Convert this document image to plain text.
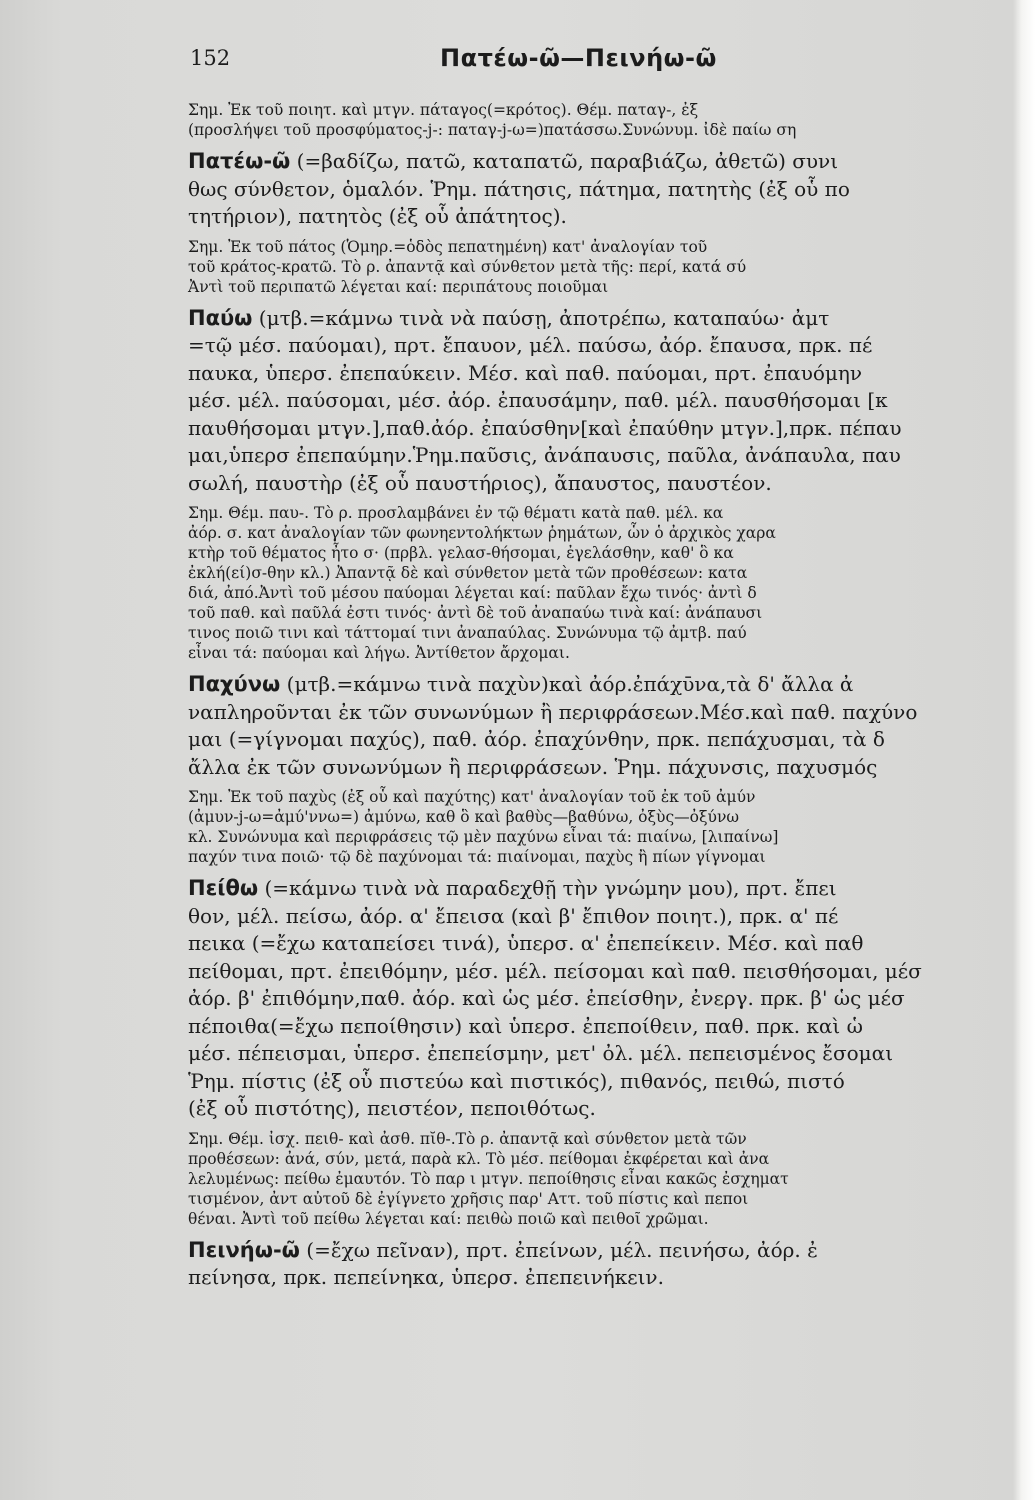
152	Πατέω-ῶ—Πεινήω-ῶ
Σημ. Ἐκ τοῦ ποιητ. καὶ μτγν. πάταγος(=κρότος). Θέμ. παταγ-, ἐξ
(προσλήψει τοῦ προσφύματος-j-: παταγ-j-ω=)πατάσσω.Συνώνυμ. ἰδὲ παίω ση
Πατέω-ῶ (=βαδίζω, πατῶ, καταπατῶ, παραβιάζω, ἀθετῶ) συνι
θως σύνθετον, ὁμαλόν. Ῥημ. πάτησις, πάτημα, πατητὴς (ἐξ οὗ πο
τητήριον), πατητὸς (ἐξ οὗ ἀπάτητος).
Σημ. Ἐκ τοῦ πάτος (Ὁμηρ.=ὁδὸς πεπατημένη) κατ' ἀναλογίαν τοῦ
τοῦ κράτος-κρατῶ. Τὸ ρ. ἀπαντᾷ καὶ σύνθετον μετὰ τῆς: περί, κατά σύ
Ἀντὶ τοῦ περιπατῶ λέγεται καί: περιπάτους ποιοῦμαι
Παύω (μτβ.=κάμνω τινὰ νὰ παύσῃ, ἀποτρέπω, καταπαύω· ἀμτ
=τῷ μέσ. παύομαι), πρτ. ἔπαυον, μέλ. παύσω, ἀόρ. ἔπαυσα, πρκ. πέ
παυκα, ὑπερσ. ἐπεπαύκειν. Μέσ. καὶ παθ. παύομαι, πρτ. ἐπαυόμην
μέσ. μέλ. παύσομαι, μέσ. ἀόρ. ἐπαυσάμην, παθ. μέλ. παυσθήσομαι [κ
παυθήσομαι μτγν.],παθ.ἀόρ. ἐπαύσθην[καὶ ἐπαύθην μτγν.],πρκ. πέπαυ
μαι,ὑπερσ ἐπεπαύμην.Ῥημ.παῦσις, ἀνάπαυσις, παῦλα, ἀνάπαυλα, παυ
σωλή, παυστὴρ (ἐξ οὗ παυστήριος), ἄπαυστος, παυστέον.
Σημ. Θέμ. παυ-. Τὸ ρ. προσλαμβάνει ἐν τῷ θέματι κατὰ παθ. μέλ. κα
ἀόρ. σ. κατ ἀναλογίαν τῶν φωνηεντολήκτων ῥημάτων, ὧν ὁ ἀρχικὸς χαρα
κτὴρ τοῦ θέματος ἦτο σ· (πρβλ. γελασ-θήσομαι, ἐγελάσθην, καθ' ὃ κα
ἐκλή(εί)σ-θην κλ.) Ἀπαντᾷ δὲ καὶ σύνθετον μετὰ τῶν προθέσεων: κατα
διά, ἀπό.Ἀντὶ τοῦ μέσου παύομαι λέγεται καί: παῦλαν ἔχω τινός· ἀντὶ δ
τοῦ παθ. καὶ παῦλά ἐστι τινός· ἀντὶ δὲ τοῦ ἀναπαύω τινὰ καί: ἀνάπαυσι
τινος ποιῶ τινι καὶ τάττομαί τινι ἀναπαύλας. Συνώνυμα τῷ ἀμτβ. παύ
εἶναι τά: παύομαι καὶ λήγω. Ἀντίθετον ἄρχομαι.
Παχύνω (μτβ.=κάμνω τινὰ παχὺν)καὶ ἀόρ.ἐπάχῡνα,τὰ δ' ἄλλα ἀ
ναπληροῦνται ἐκ τῶν συνωνύμων ἢ περιφράσεων.Μέσ.καὶ παθ. παχύνο
μαι (=γίγνομαι παχύς), παθ. ἀόρ. ἐπαχύνθην, πρκ. πεπάχυσμαι, τὰ δ
ἄλλα ἐκ τῶν συνωνύμων ἢ περιφράσεων. Ῥημ. πάχυνσις, παχυσμός
Σημ. Ἐκ τοῦ παχὺς (ἐξ οὗ καὶ παχύτης) κατ' ἀναλογίαν τοῦ ἐκ τοῦ ἀμύν
(ἀμυν-j-ω=ἀμύ'ννω=) ἀμύνω, καθ ὃ καὶ βαθὺς—βαθύνω, ὀξὺς—ὀξύνω
κλ. Συνώνυμα καὶ περιφράσεις τῷ μὲν παχύνω εἶναι τά: πιαίνω, [λιπαίνω]
παχύν τινα ποιῶ· τῷ δὲ παχύνομαι τά: πιαίνομαι, παχὺς ἢ πίων γίγνομαι
Πείθω (=κάμνω τινὰ νὰ παραδεχθῇ τὴν γνώμην μου), πρτ. ἔπει
θον, μέλ. πείσω, ἀόρ. α' ἔπεισα (καὶ β' ἔπιθον ποιητ.), πρκ. α' πέ
πεικα (=ἔχω καταπείσει τινά), ὑπερσ. α' ἐπεπείκειν. Μέσ. καὶ παθ
πείθομαι, πρτ. ἐπειθόμην, μέσ. μέλ. πείσομαι καὶ παθ. πεισθήσομαι, μέσ
ἀόρ. β' ἐπιθόμην,παθ. ἀόρ. καὶ ὡς μέσ. ἐπείσθην, ἐνεργ. πρκ. β' ὡς μέσ
πέποιθα(=ἔχω πεποίθησιν) καὶ ὑπερσ. ἐπεποίθειν, παθ. πρκ. καὶ ὡ
μέσ. πέπεισμαι, ὑπερσ. ἐπεπείσμην, μετ' ὀλ. μέλ. πεπεισμένος ἔσομαι
Ῥημ. πίστις (ἐξ οὗ πιστεύω καὶ πιστικός), πιθανός, πειθώ, πιστό
(ἐξ οὗ πιστότης), πειστέον, πεποιθότως.
Σημ. Θέμ. ἰσχ. πειθ- καὶ ἀσθ. πῐθ-.Τὸ ρ. ἀπαντᾷ καὶ σύνθετον μετὰ τῶν
προθέσεων: ἀνά, σύν, μετά, παρὰ κλ. Τὸ μέσ. πείθομαι ἐκφέρεται καὶ ἀνα
λελυμένως: πείθω ἐμαυτόν. Τὸ παρ ι μτγν. πεποίθησις εἶναι κακῶς ἐσχηματ
τισμένον, ἀντ αὐτοῦ δὲ ἐγίγνετο χρῆσις παρ' Αττ. τοῦ πίστις καὶ πεποι
θέναι. Ἀντὶ τοῦ πείθω λέγεται καί: πειθὼ ποιῶ καὶ πειθοῖ χρῶμαι.
Πεινήω-ῶ (=ἔχω πεῖναν), πρτ. ἐπείνων, μέλ. πεινήσω, ἀόρ. ἐ
πείνησα, πρκ. πεπείνηκα, ὑπερσ. ἐπεπεινήκειν.
